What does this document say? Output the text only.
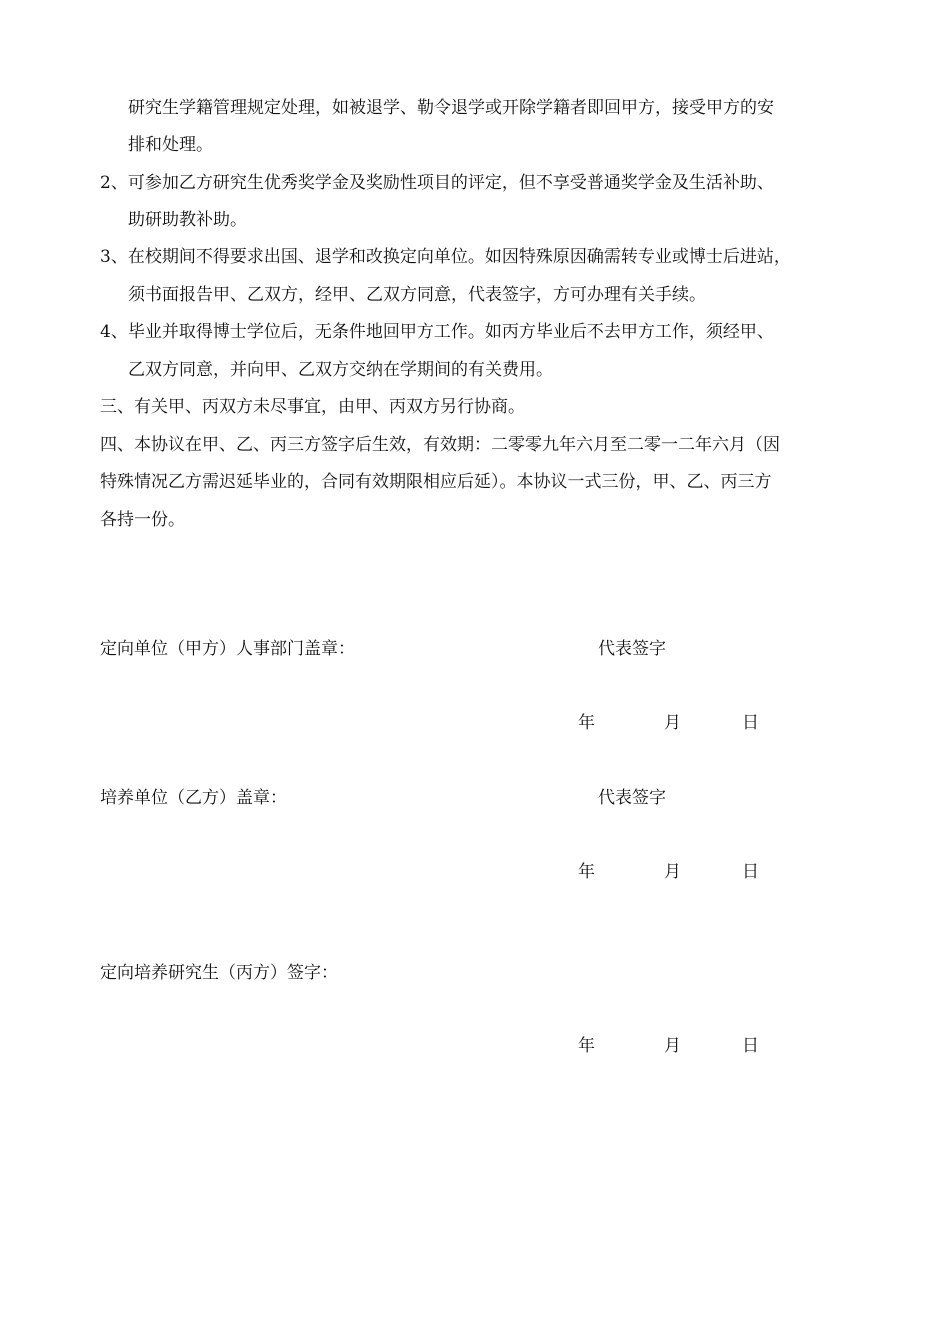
研究生学籍管理规定处理，如被退学、勒令退学或开除学籍者即回甲方，接受甲方的安

排和处理。

2、可参加乙方研究生优秀奖学金及奖励性项目的评定，但不享受普通奖学金及生活补助、

助研助教补助。

3、在校期间不得要求出国、退学和改换定向单位。如因特殊原因确需转专业或博士后进站，

须书面报告甲、乙双方，经甲、乙双方同意，代表签字，方可办理有关手续。

4、毕业并取得博士学位后，无条件地回甲方工作。如丙方毕业后不去甲方工作，须经甲、

乙双方同意，并向甲、乙双方交纳在学期间的有关费用。

三、有关甲、丙双方未尽事宜，由甲、丙双方另行协商。

四、本协议在甲、乙、丙三方签字后生效，有效期：二零零九年六月至二零一二年六月（因

特殊情况乙方需迟延毕业的，合同有效期限相应后延）。本协议一式三份，甲、乙、丙三方

各持一份。

定向单位（甲方）人事部门盖章：	代表签字
年	月	日
培养单位（乙方）盖章：	代表签字
年	月	日
定向培养研究生（丙方）签字：
年	月	日
